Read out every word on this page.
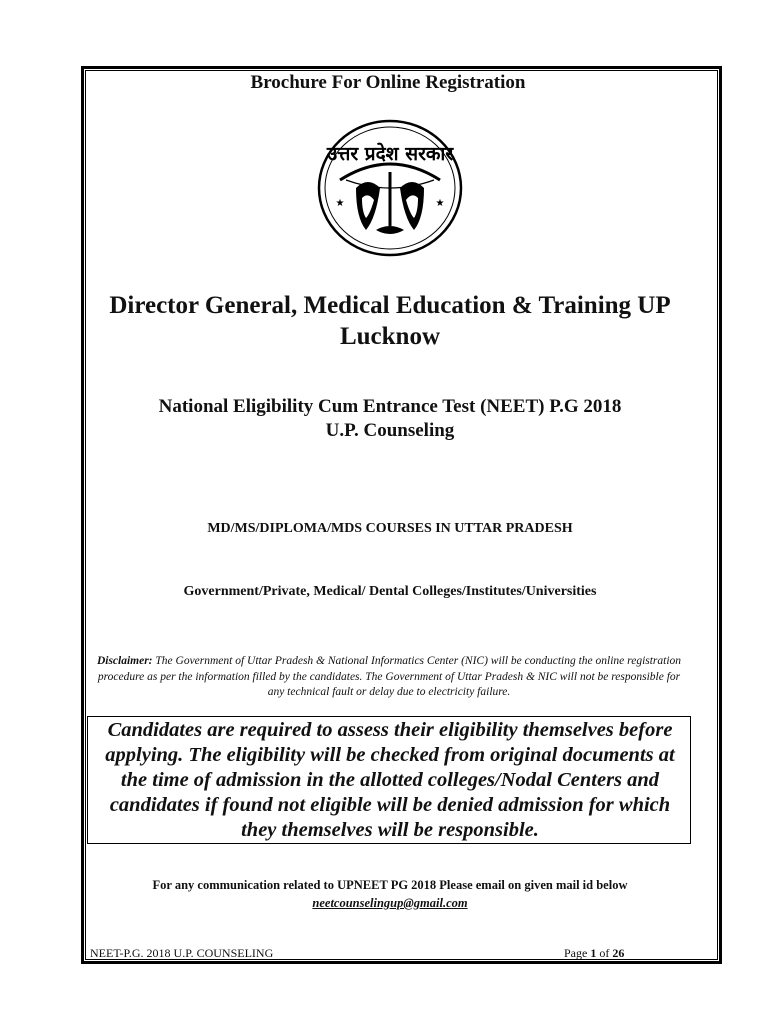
Brochure For Online Registration
उत्तर प्रदेश सरकार
★	★
Director General, Medical Education & Training UP Lucknow
National Eligibility Cum Entrance Test (NEET) P.G 2018
U.P. Counseling
MD/MS/DIPLOMA/MDS COURSES IN UTTAR PRADESH
Government/Private, Medical/ Dental Colleges/Institutes/Universities
Disclaimer: The Government of Uttar Pradesh & National Informatics Center (NIC) will be conducting the online registration procedure as per the information filled by the candidates. The Government of Uttar Pradesh & NIC will not be responsible for any technical fault or delay due to electricity failure.
Candidates are required to assess their eligibility themselves before applying. The eligibility will be checked from original documents at the time of admission in the allotted colleges/Nodal Centers and candidates if found not eligible will be denied admission for which they themselves will be responsible.
For any communication related to UPNEET PG 2018 Please email on given mail id below
neetcounselingup@gmail.com
NEET-P.G. 2018 U.P. COUNSELING	Page 1 of 26
